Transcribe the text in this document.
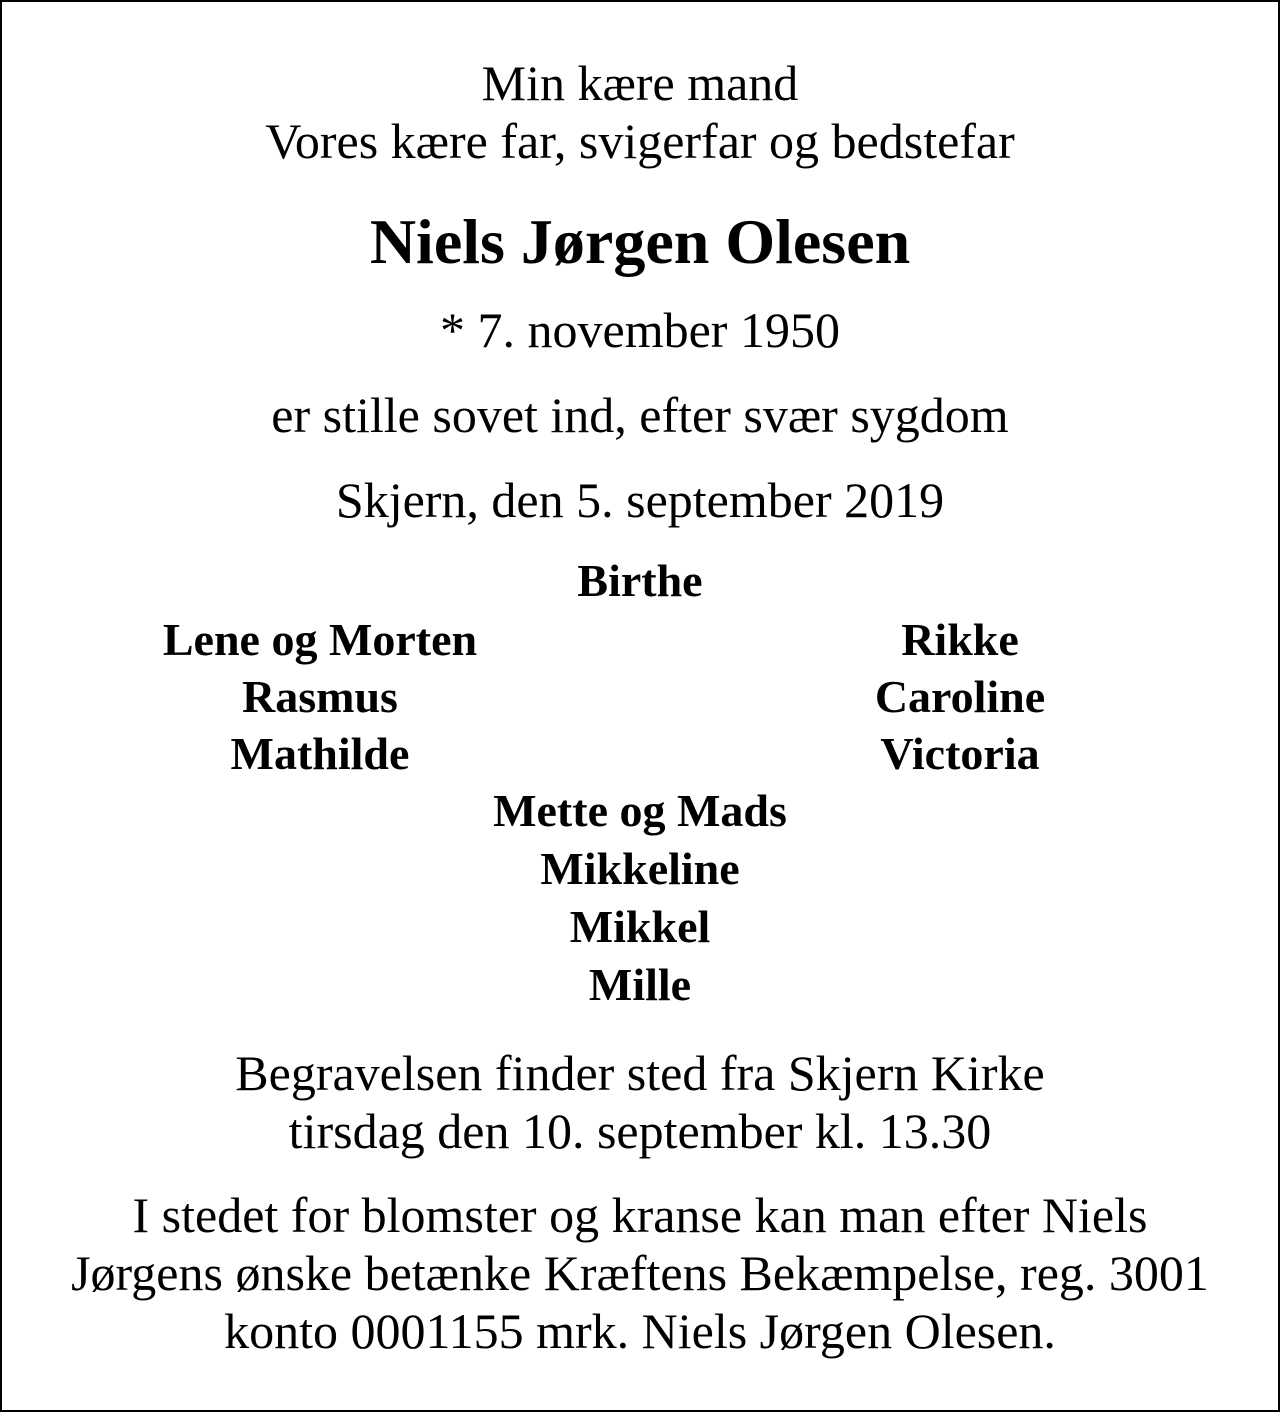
Min kære mand
Vores kære far, svigerfar og bedstefar
Niels Jørgen Olesen
* 7. november 1950
er stille sovet ind, efter svær sygdom
Skjern, den 5. september 2019
Birthe
Lene og Morten
Rasmus
Mathilde
Rikke
Caroline
Victoria
Mette og Mads
Mikkeline
Mikkel
Mille
Begravelsen finder sted fra Skjern Kirke
tirsdag den 10. september kl. 13.30
I stedet for blomster og kranse kan man efter Niels
Jørgens ønske betænke Kræftens Bekæmpelse, reg. 3001
konto 0001155 mrk. Niels Jørgen Olesen.
